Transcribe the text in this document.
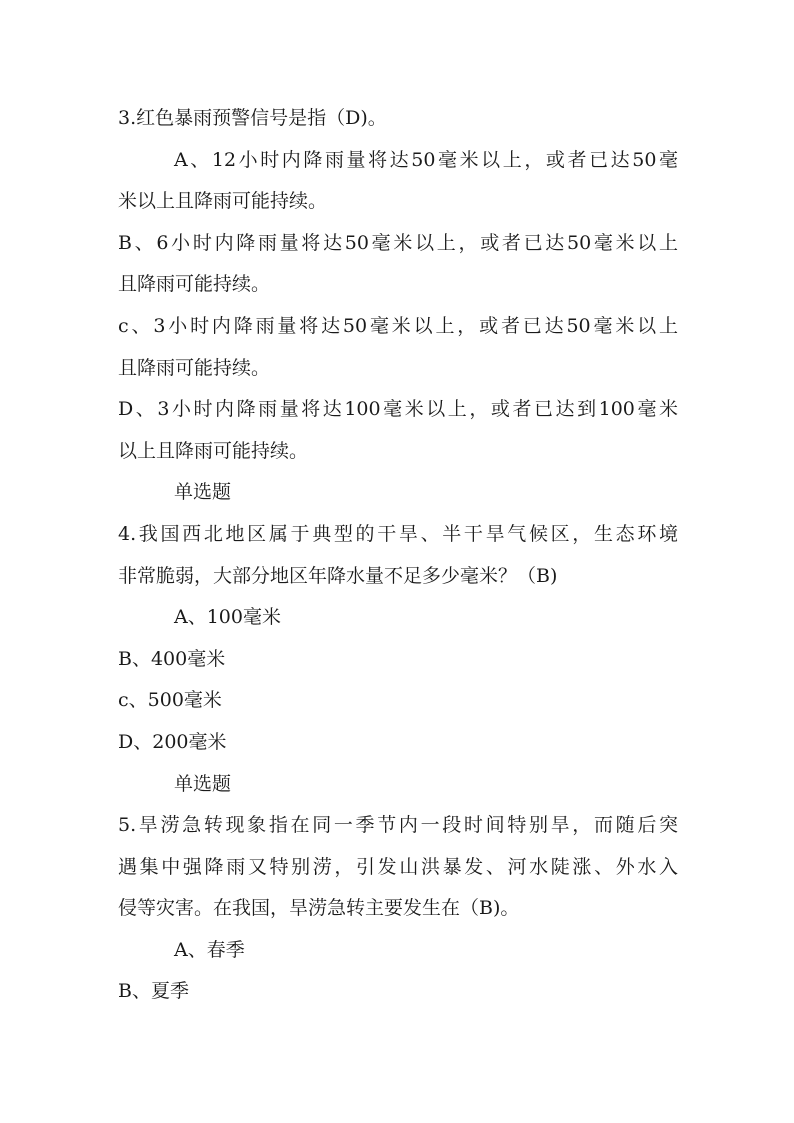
3.红色暴雨预警信号是指（D)。
A、12小时内降雨量将达50毫米以上，或者已达50毫
米以上且降雨可能持续。
B、6小时内降雨量将达50毫米以上，或者已达50毫米以上
且降雨可能持续。
c、3小时内降雨量将达50毫米以上，或者已达50毫米以上
且降雨可能持续。
D、3小时内降雨量将达100毫米以上，或者已达到100毫米
以上且降雨可能持续。
单选题
4.我国西北地区属于典型的干旱、半干旱气候区，生态环境
非常脆弱，大部分地区年降水量不足多少毫米？（B)
A、100毫米
B、400毫米
c、500毫米
D、200毫米
单选题
5.旱涝急转现象指在同一季节内一段时间特别旱，而随后突
遇集中强降雨又特别涝，引发山洪暴发、河水陡涨、外水入
侵等灾害。在我国，旱涝急转主要发生在（B)。
A、春季
B、夏季
